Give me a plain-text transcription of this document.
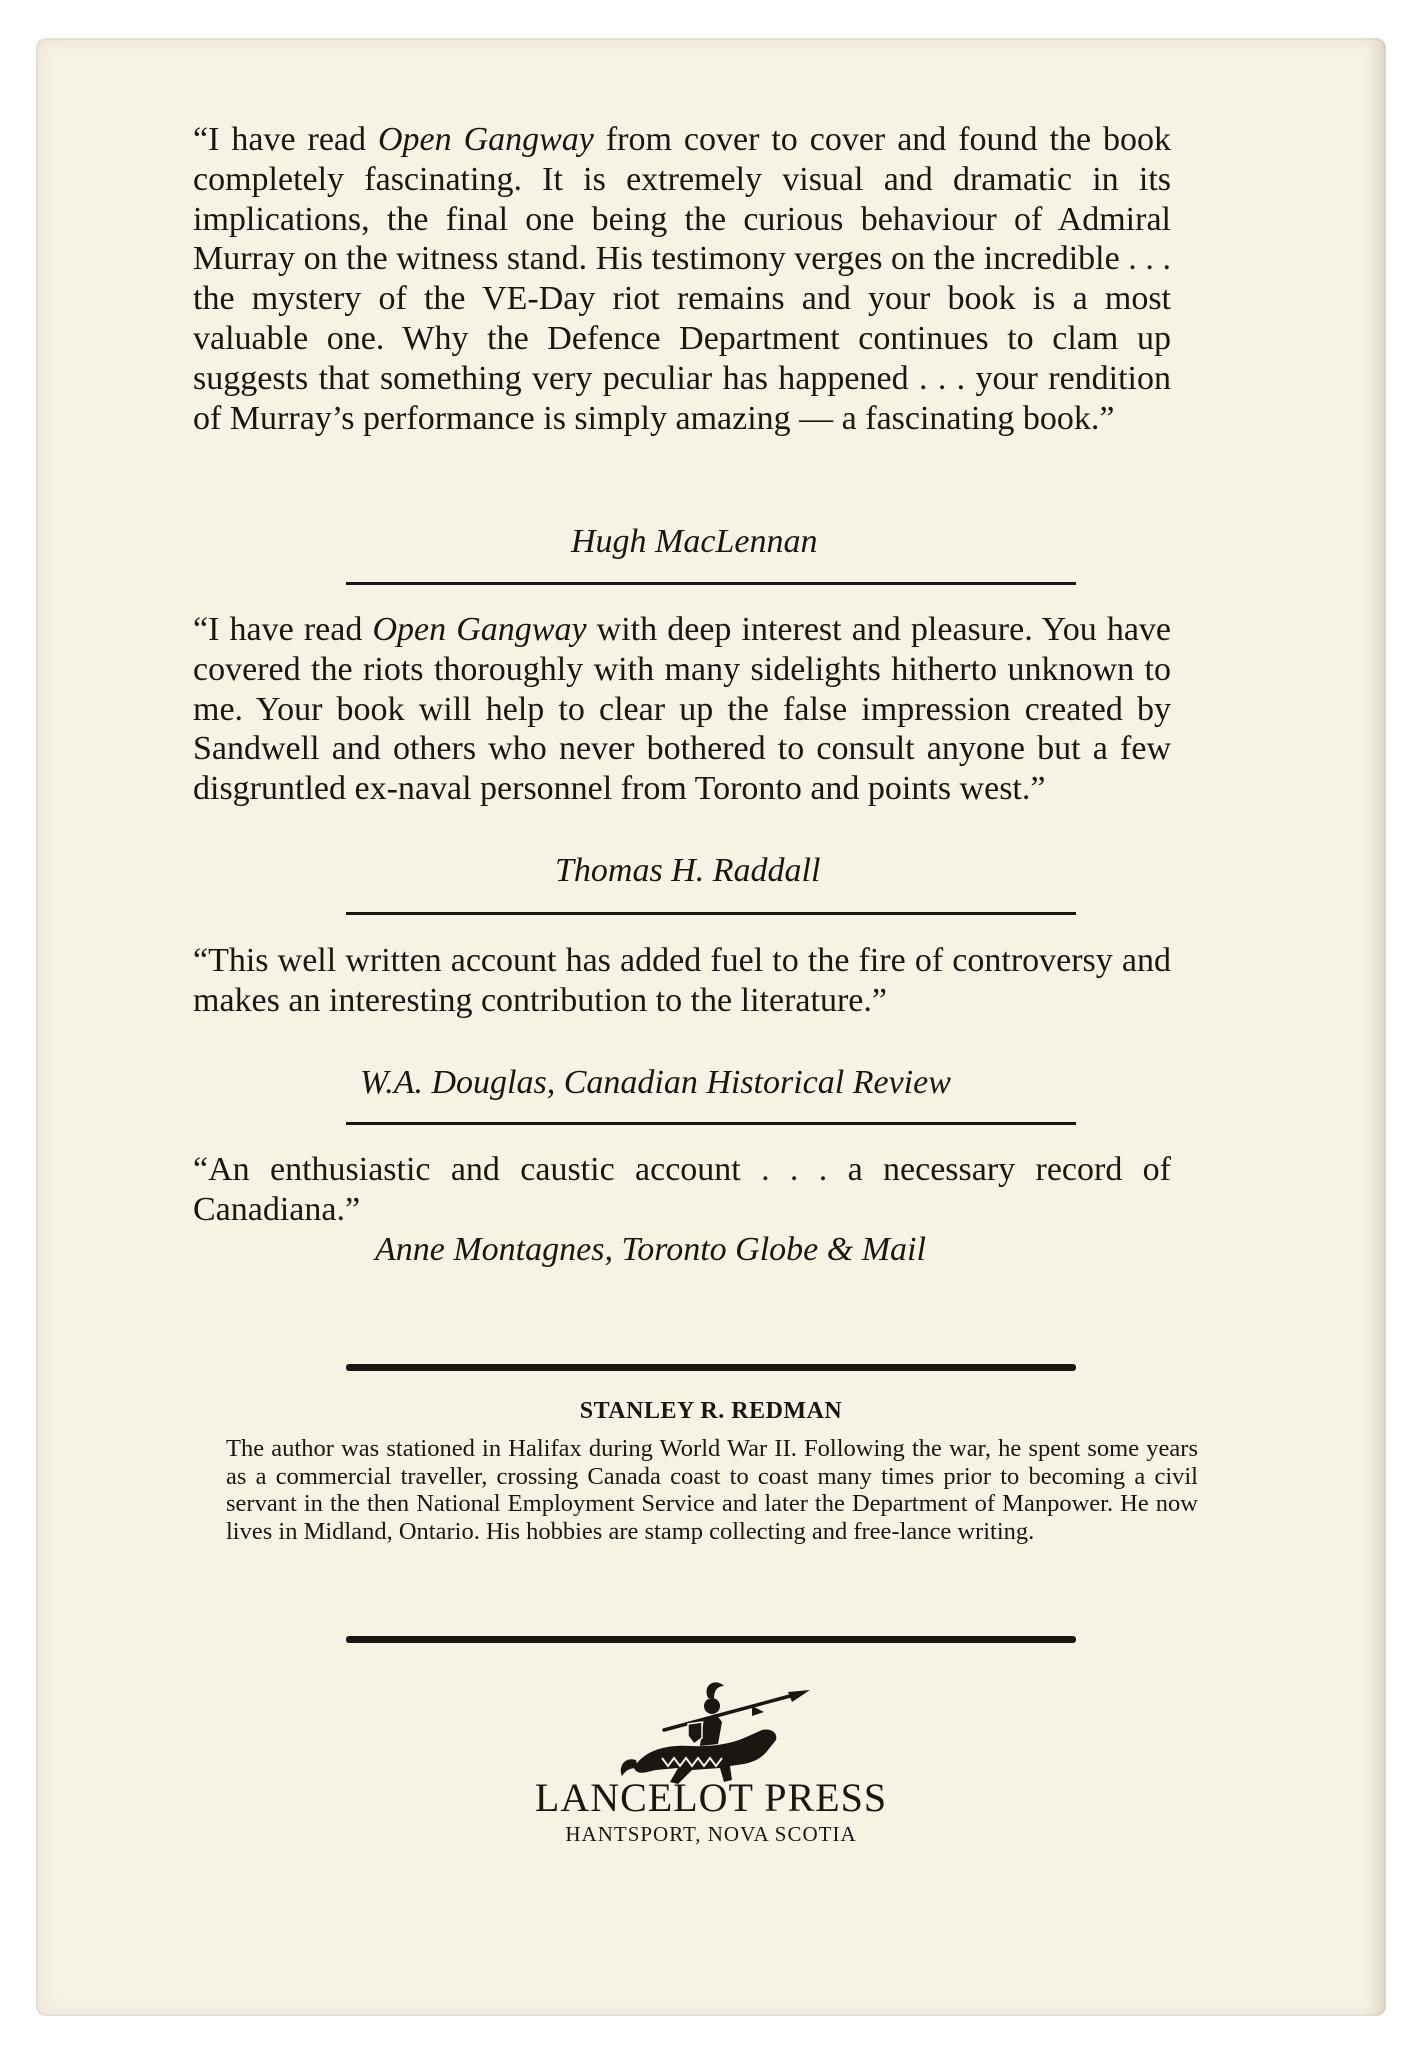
“I have read Open Gangway from cover to cover and found the book completely fascinating. It is extremely visual and dramatic in its implications, the final one being the curious behaviour of Admiral Murray on the witness stand. His testimony verges on the incredible . . . the mystery of the VE-Day riot remains and your book is a most valuable one. Why the Defence Department continues to clam up suggests that something very peculiar has happened . . . your rendition of Murray’s performance is simply amazing — a fascinating book.”

Hugh MacLennan

“I have read Open Gangway with deep interest and pleasure. You have covered the riots thoroughly with many sidelights hitherto unknown to me. Your book will help to clear up the false impression created by Sandwell and others who never bothered to consult anyone but a few disgruntled ex-naval personnel from Toronto and points west.”

Thomas H. Raddall

“This well written account has added fuel to the fire of controversy and makes an interesting contribution to the literature.”

W.A. Douglas, Canadian Historical Review

“An enthusiastic and caustic account . . . a necessary record of Canadiana.”

Anne Montagnes, Toronto Globe & Mail

STANLEY R. REDMAN

The author was stationed in Halifax during World War II. Following the war, he spent some years as a commercial traveller, crossing Canada coast to coast many times prior to becoming a civil servant in the then National Employment Service and later the Department of Manpower. He now lives in Midland, Ontario. His hobbies are stamp collecting and free-lance writing.

LANCELOT PRESS

HANTSPORT, NOVA SCOTIA
